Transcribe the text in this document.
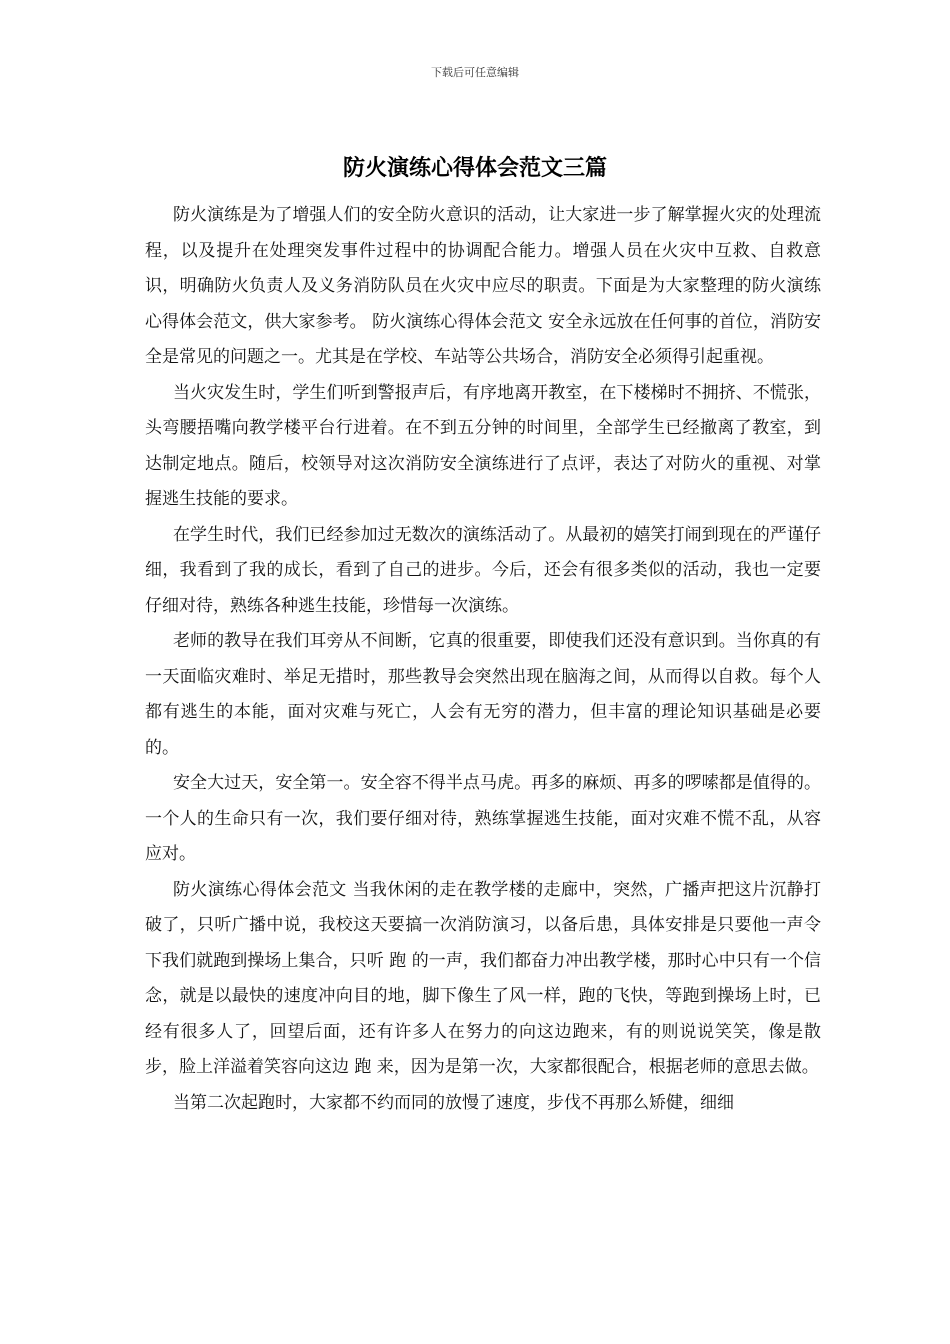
下载后可任意编辑
防火演练心得体会范文三篇

防火演练是为了增强人们的安全防火意识的活动，让大家进一步了解掌握火灾的处理流程，以及提升在处理突发事件过程中的协调配合能力。增强人员在火灾中互救、自救意识，明确防火负责人及义务消防队员在火灾中应尽的职责。下面是为大家整理的防火演练心得体会范文，供大家参考。 防火演练心得体会范文 安全永远放在任何事的首位，消防安全是常见的问题之一。尤其是在学校、车站等公共场合，消防安全必须得引起重视。

当火灾发生时，学生们听到警报声后，有序地离开教室，在下楼梯时不拥挤、不慌张，头弯腰捂嘴向教学楼平台行进着。在不到五分钟的时间里，全部学生已经撤离了教室，到达制定地点。随后，校领导对这次消防安全演练进行了点评，表达了对防火的重视、对掌握逃生技能的要求。

在学生时代，我们已经参加过无数次的演练活动了。从最初的嬉笑打闹到现在的严谨仔细，我看到了我的成长，看到了自己的进步。今后，还会有很多类似的活动，我也一定要仔细对待，熟练各种逃生技能，珍惜每一次演练。

老师的教导在我们耳旁从不间断，它真的很重要，即使我们还没有意识到。当你真的有一天面临灾难时、举足无措时，那些教导会突然出现在脑海之间，从而得以自救。每个人都有逃生的本能，面对灾难与死亡，人会有无穷的潜力，但丰富的理论知识基础是必要的。

安全大过天，安全第一。安全容不得半点马虎。再多的麻烦、再多的啰嗦都是值得的。一个人的生命只有一次，我们要仔细对待，熟练掌握逃生技能，面对灾难不慌不乱，从容应对。

防火演练心得体会范文 当我休闲的走在教学楼的走廊中，突然，广播声把这片沉静打破了，只听广播中说，我校这天要搞一次消防演习，以备后患，具体安排是只要他一声令下我们就跑到操场上集合，只听 跑 的一声，我们都奋力冲出教学楼，那时心中只有一个信念，就是以最快的速度冲向目的地，脚下像生了风一样，跑的飞快，等跑到操场上时，已经有很多人了，回望后面，还有许多人在努力的向这边跑来，有的则说说笑笑，像是散步，脸上洋溢着笑容向这边 跑 来，因为是第一次，大家都很配合，根据老师的意思去做。

当第二次起跑时，大家都不约而同的放慢了速度，步伐不再那么矫健，细细
